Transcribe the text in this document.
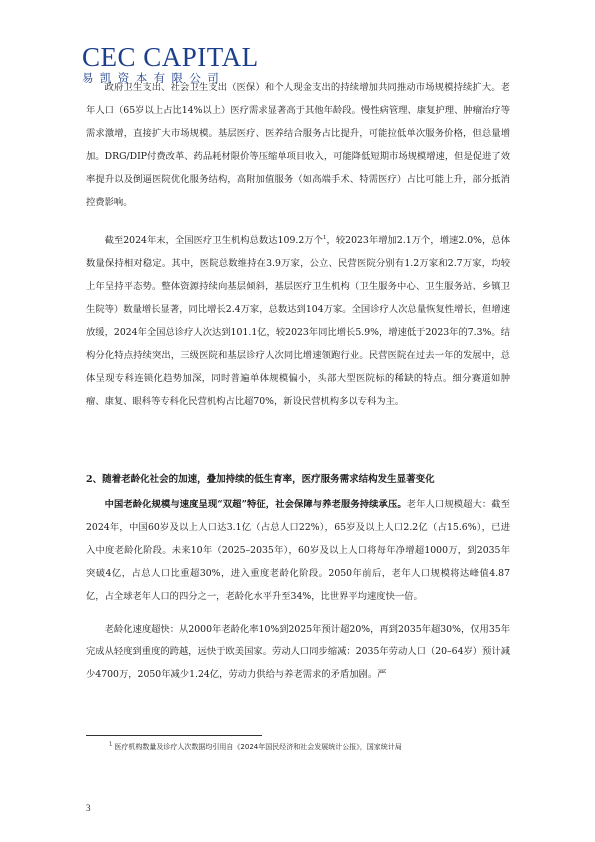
CEC CAPITAL
易凯资本有限公司

政府卫生支出、社会卫生支出（医保）和个人现金支出的持续增加共同推动市场规模持续扩大。老年人口（65岁以上占比14%以上）医疗需求显著高于其他年龄段。慢性病管理、康复护理、肿瘤治疗等需求激增，直接扩大市场规模。基层医疗、医养结合服务占比提升，可能拉低单次服务价格，但总量增加。DRG/DIP付费改革、药品耗材限价等压缩单项目收入，可能降低短期市场规模增速，但是促进了效率提升以及倒逼医院优化服务结构，高附加值服务（如高端手术、特需医疗）占比可能上升，部分抵消控费影响。

截至2024年末，全国医疗卫生机构总数达109.2万个$^1$，较2023年增加2.1万个，增速2.0%，总体数量保持相对稳定。其中，医院总数维持在3.9万家，公立、民营医院分别有1.2万家和2.7万家，均较上年呈持平态势。整体资源持续向基层倾斜，基层医疗卫生机构（卫生服务中心、卫生服务站、乡镇卫生院等）数量增长显著，同比增长2.4万家，总数达到104万家。全国诊疗人次总量恢复性增长，但增速放缓，2024年全国总诊疗人次达到101.1亿，较2023年同比增长5.9%，增速低于2023年的7.3%。结构分化特点持续突出，三级医院和基层诊疗人次同比增速领跑行业。民营医院在过去一年的发展中，总体呈现专科连锁化趋势加深，同时普遍单体规模偏小，头部大型医院标的稀缺的特点。细分赛道如肿瘤、康复、眼科等专科化民营机构占比超70%，新设民营机构多以专科为主。

2、随着老龄化社会的加速，叠加持续的低生育率，医疗服务需求结构发生显著变化

中国老龄化规模与速度呈现“双超”特征，社会保障与养老服务持续承压。老年人口规模超大：截至2024年，中国60岁及以上人口达3.1亿（占总人口22%），65岁及以上人口2.2亿（占15.6%），已进入中度老龄化阶段。未来10年（2025–2035年），60岁及以上人口将每年净增超1000万，到2035年突破4亿，占总人口比重超30%，进入重度老龄化阶段。2050年前后，老年人口规模将达峰值4.87亿，占全球老年人口的四分之一，老龄化水平升至34%，比世界平均速度快一倍。

老龄化速度超快：从2000年老龄化率10%到2025年预计超20%，再到2035年超30%，仅用35年完成从轻度到重度的跨越，远快于欧美国家。劳动人口同步缩减：2035年劳动人口（20–64岁）预计减少4700万，2050年减少1.24亿，劳动力供给与养老需求的矛盾加剧。严

$^1$ 医疗机构数量及诊疗人次数据均引用自《2024年国民经济和社会发展统计公报》，国家统计局
3
